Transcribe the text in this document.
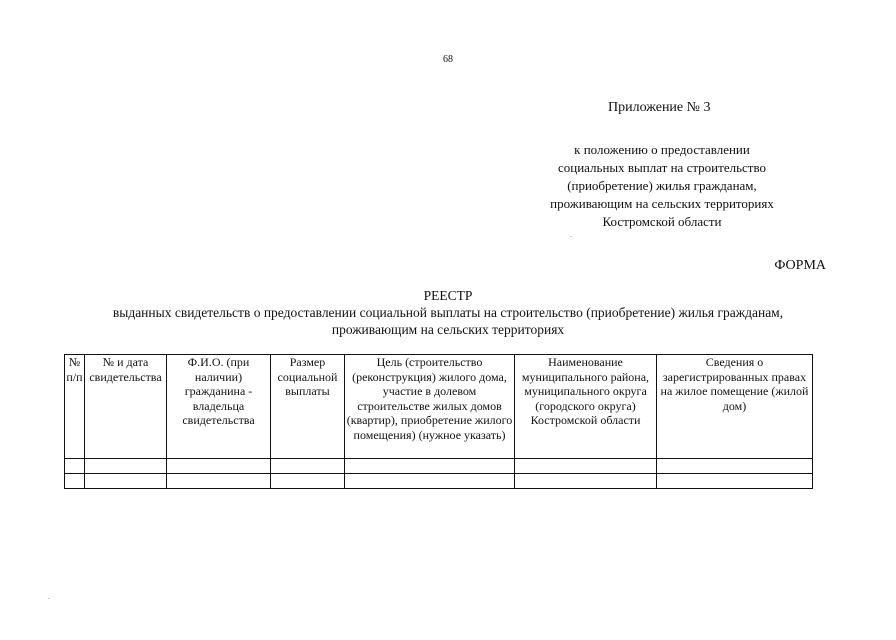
68
Приложение № 3
к положению о предоставлении
социальных выплат на строительство
(приобретение) жилья гражданам,
проживающим на сельских территориях
Костромской области
ФОРМА
РЕЕСТР
выданных свидетельств о предоставлении социальной выплаты на строительство (приобретение) жилья гражданам,
проживающим на сельских территориях
№ п/п	№ и дата свидетельства	Ф.И.О. (при наличии) гражданина - владельца свидетельства	Размер социальной выплаты	Цель (строительство (реконструкция) жилого дома, участие в долевом строительстве жилых домов (квартир), приобретение жилого помещения) (нужное указать)	Наименование муниципального района, муниципального округа (городского округа) Костромской области	Сведения о зарегистрированных правах на жилое помещение (жилой дом)
